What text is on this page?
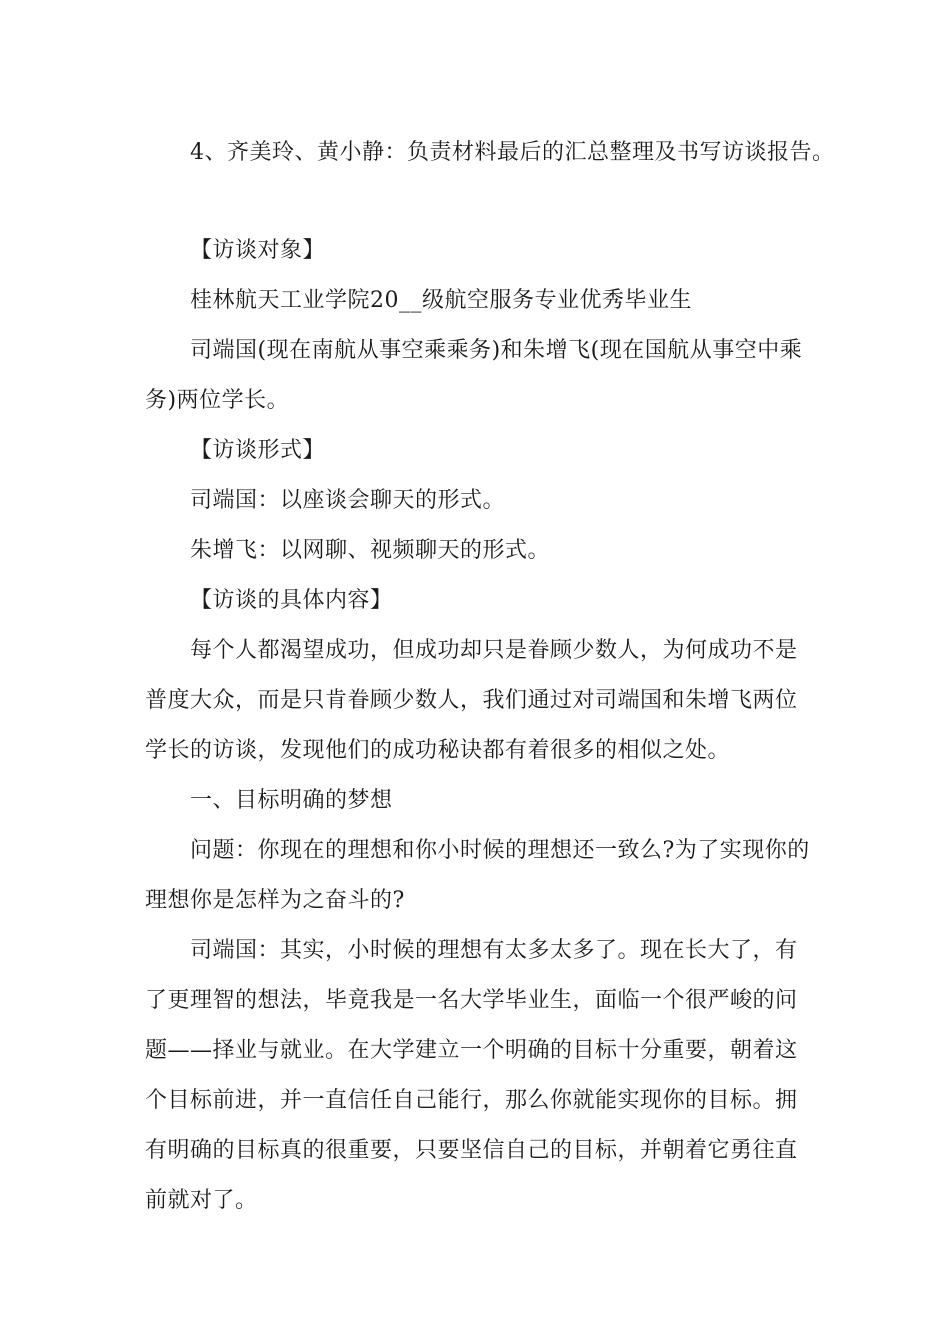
4、齐美玲、黄小静：负责材料最后的汇总整理及书写访谈报告。
【访谈对象】
桂林航天工业学院20__级航空服务专业优秀毕业生
司端国(现在南航从事空乘乘务)和朱增飞(现在国航从事空中乘
务)两位学长。
【访谈形式】
司端国：以座谈会聊天的形式。
朱增飞：以网聊、视频聊天的形式。
【访谈的具体内容】
每个人都渴望成功，但成功却只是眷顾少数人，为何成功不是
普度大众，而是只肯眷顾少数人，我们通过对司端国和朱增飞两位
学长的访谈，发现他们的成功秘诀都有着很多的相似之处。
一、目标明确的梦想
问题：你现在的理想和你小时候的理想还一致么?为了实现你的
理想你是怎样为之奋斗的?
司端国：其实，小时候的理想有太多太多了。现在长大了，有
了更理智的想法，毕竟我是一名大学毕业生，面临一个很严峻的问
题——择业与就业。在大学建立一个明确的目标十分重要，朝着这
个目标前进，并一直信任自己能行，那么你就能实现你的目标。拥
有明确的目标真的很重要，只要坚信自己的目标，并朝着它勇往直
前就对了。
